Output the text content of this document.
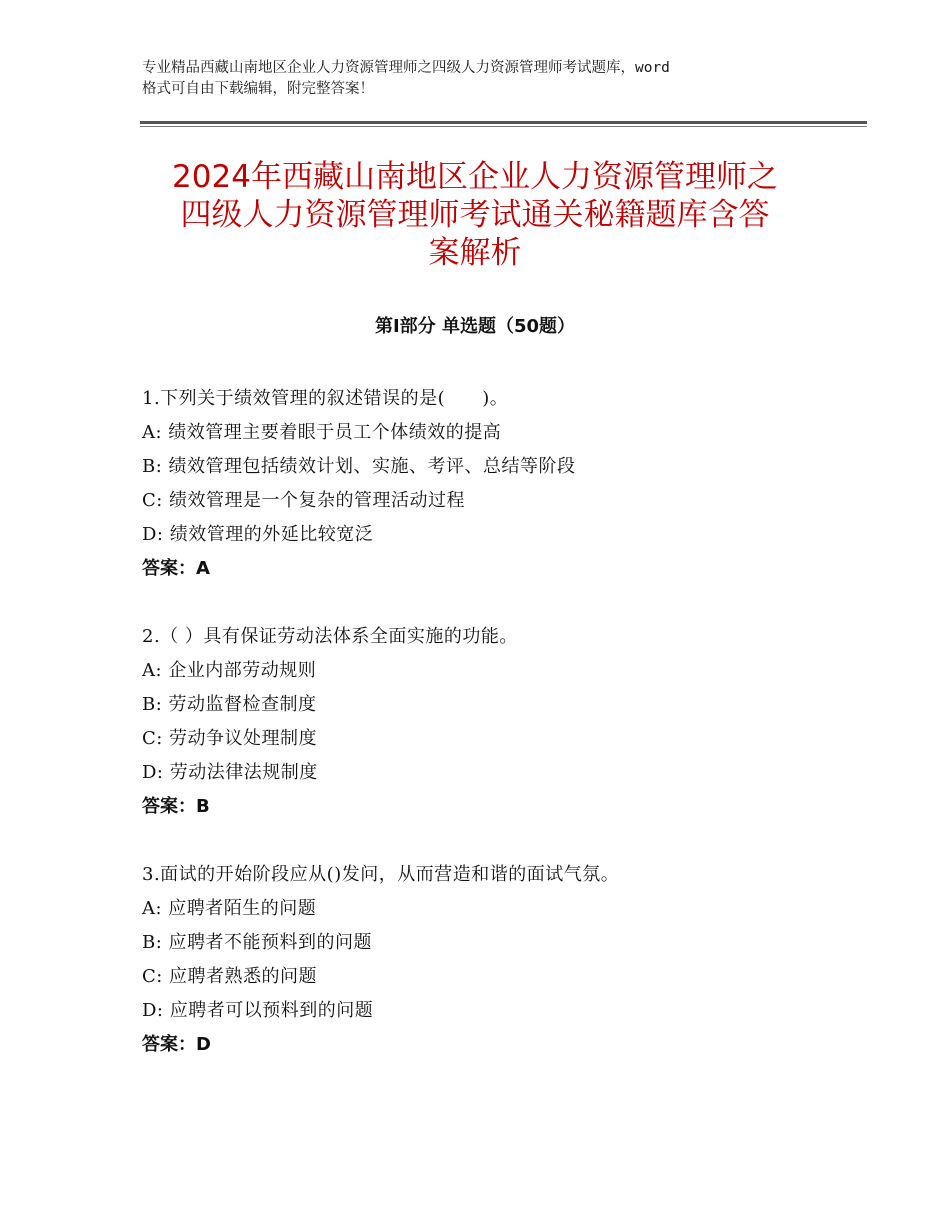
专业精品西藏山南地区企业人力资源管理师之四级人力资源管理师考试题库，word
格式可自由下载编辑，附完整答案！
2024年西藏山南地区企业人力资源管理师之
四级人力资源管理师考试通关秘籍题库含答
案解析
第Ⅰ部分 单选题（50题）
1.下列关于绩效管理的叙述错误的是(　　)。
A: 绩效管理主要着眼于员工个体绩效的提高
B: 绩效管理包括绩效计划、实施、考评、总结等阶段
C: 绩效管理是一个复杂的管理活动过程
D: 绩效管理的外延比较宽泛
答案：A
2.（ ）具有保证劳动法体系全面实施的功能。
A: 企业内部劳动规则
B: 劳动监督检查制度
C: 劳动争议处理制度
D: 劳动法律法规制度
答案：B
3.面试的开始阶段应从()发问，从而营造和谐的面试气氛。
A: 应聘者陌生的问题
B: 应聘者不能预料到的问题
C: 应聘者熟悉的问题
D: 应聘者可以预料到的问题
答案：D
